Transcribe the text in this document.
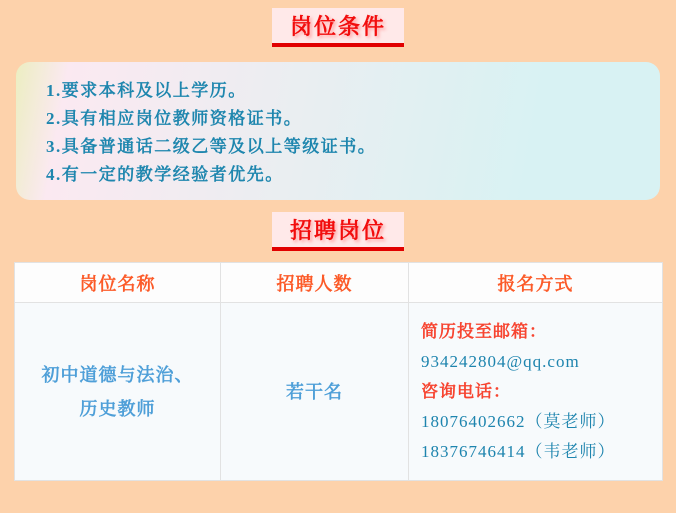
岗位条件

1.要求本科及以上学历。

2.具有相应岗位教师资格证书。

3.具备普通话二级乙等及以上等级证书。

4.有一定的教学经验者优先。

招聘岗位
岗位名称	招聘人数	报名方式
初中道德与法治、历史教师	若干名	简历投至邮箱：
934242804@qq.com
咨询电话：
18076402662（莫老师）
18376746414（韦老师）
